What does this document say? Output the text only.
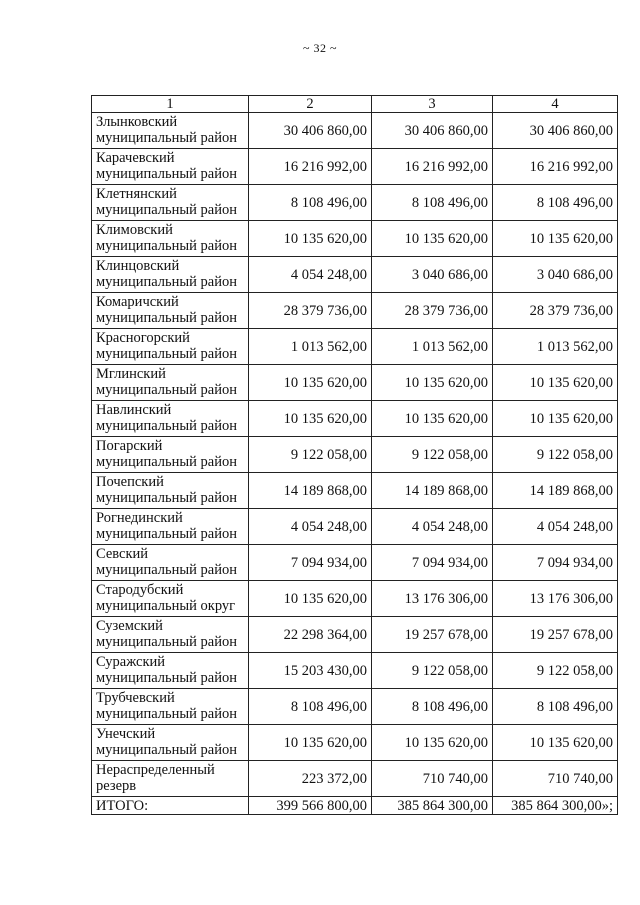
~ 32 ~
1	2	3	4
Злынковский муниципальный район	30 406 860,00	30 406 860,00	30 406 860,00
Карачевский муниципальный район	16 216 992,00	16 216 992,00	16 216 992,00
Клетнянский муниципальный район	8 108 496,00	8 108 496,00	8 108 496,00
Климовский муниципальный район	10 135 620,00	10 135 620,00	10 135 620,00
Клинцовский муниципальный район	4 054 248,00	3 040 686,00	3 040 686,00
Комаричский муниципальный район	28 379 736,00	28 379 736,00	28 379 736,00
Красногорский муниципальный район	1 013 562,00	1 013 562,00	1 013 562,00
Мглинский муниципальный район	10 135 620,00	10 135 620,00	10 135 620,00
Навлинский муниципальный район	10 135 620,00	10 135 620,00	10 135 620,00
Погарский муниципальный район	9 122 058,00	9 122 058,00	9 122 058,00
Почепский муниципальный район	14 189 868,00	14 189 868,00	14 189 868,00
Рогнединский муниципальный район	4 054 248,00	4 054 248,00	4 054 248,00
Севский муниципальный район	7 094 934,00	7 094 934,00	7 094 934,00
Стародубский муниципальный округ	10 135 620,00	13 176 306,00	13 176 306,00
Суземский муниципальный район	22 298 364,00	19 257 678,00	19 257 678,00
Суражский муниципальный район	15 203 430,00	9 122 058,00	9 122 058,00
Трубчевский муниципальный район	8 108 496,00	8 108 496,00	8 108 496,00
Унечский муниципальный район	10 135 620,00	10 135 620,00	10 135 620,00
Нераспределенный резерв	223 372,00	710 740,00	710 740,00
ИТОГО:	399 566 800,00	385 864 300,00	385 864 300,00»;
